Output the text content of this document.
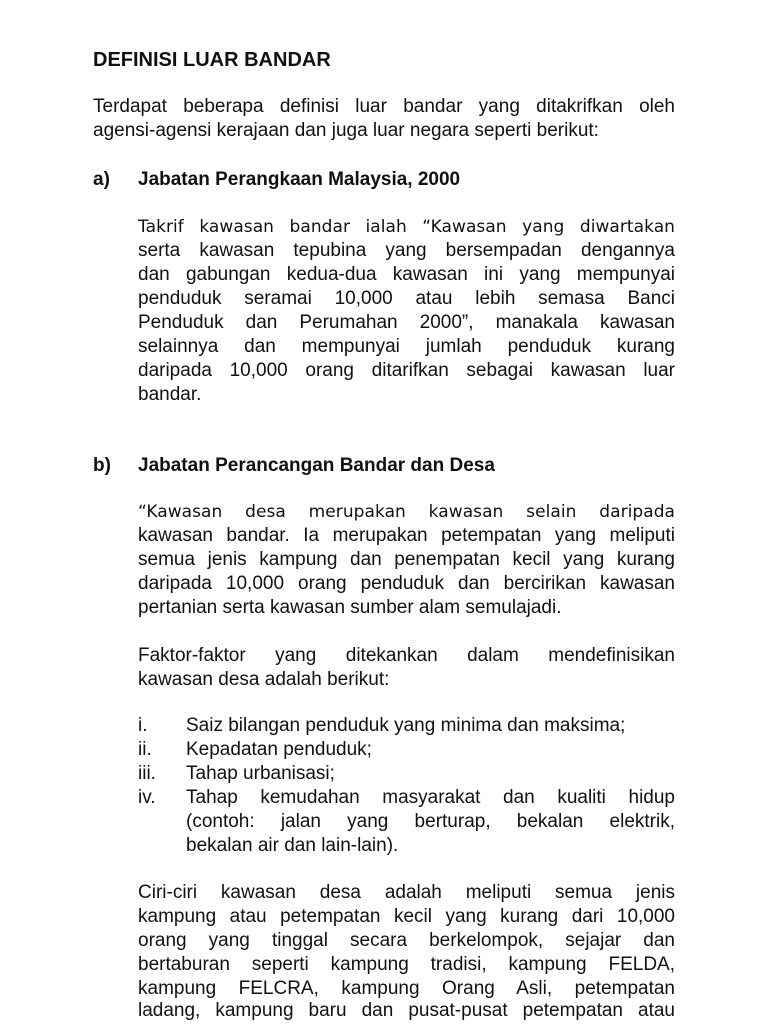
DEFINISI LUAR BANDAR
Terdapat beberapa definisi luar bandar yang ditakrifkan oleh
agensi-agensi kerajaan dan juga luar negara seperti berikut:
a) Jabatan Perangkaan Malaysia, 2000
Takrif kawasan bandar ialah “Kawasan yang diwartakan
serta kawasan tepubina yang bersempadan dengannya
dan gabungan kedua-dua kawasan ini yang mempunyai
penduduk seramai 10,000 atau lebih semasa Banci
Penduduk dan Perumahan 2000”, manakala kawasan
selainnya dan mempunyai jumlah penduduk kurang
daripada 10,000 orang ditarifkan sebagai kawasan luar
bandar.
b) Jabatan Perancangan Bandar dan Desa
“Kawasan desa merupakan kawasan selain daripada
kawasan bandar. Ia merupakan petempatan yang meliputi
semua jenis kampung dan penempatan kecil yang kurang
daripada 10,000 orang penduduk dan bercirikan kawasan
pertanian serta kawasan sumber alam semulajadi.
Faktor-faktor yang ditekankan dalam mendefinisikan
kawasan desa adalah berikut:
i. Saiz bilangan penduduk yang minima dan maksima;
ii. Kepadatan penduduk;
iii. Tahap urbanisasi;
iv. Tahap kemudahan masyarakat dan kualiti hidup
(contoh: jalan yang berturap, bekalan elektrik,
bekalan air dan lain-lain).
Ciri-ciri kawasan desa adalah meliputi semua jenis
kampung atau petempatan kecil yang kurang dari 10,000
orang yang tinggal secara berkelompok, sejajar dan
bertaburan seperti kampung tradisi, kampung FELDA,
kampung FELCRA, kampung Orang Asli, petempatan
ladang, kampung baru dan pusat-pusat petempatan atau
